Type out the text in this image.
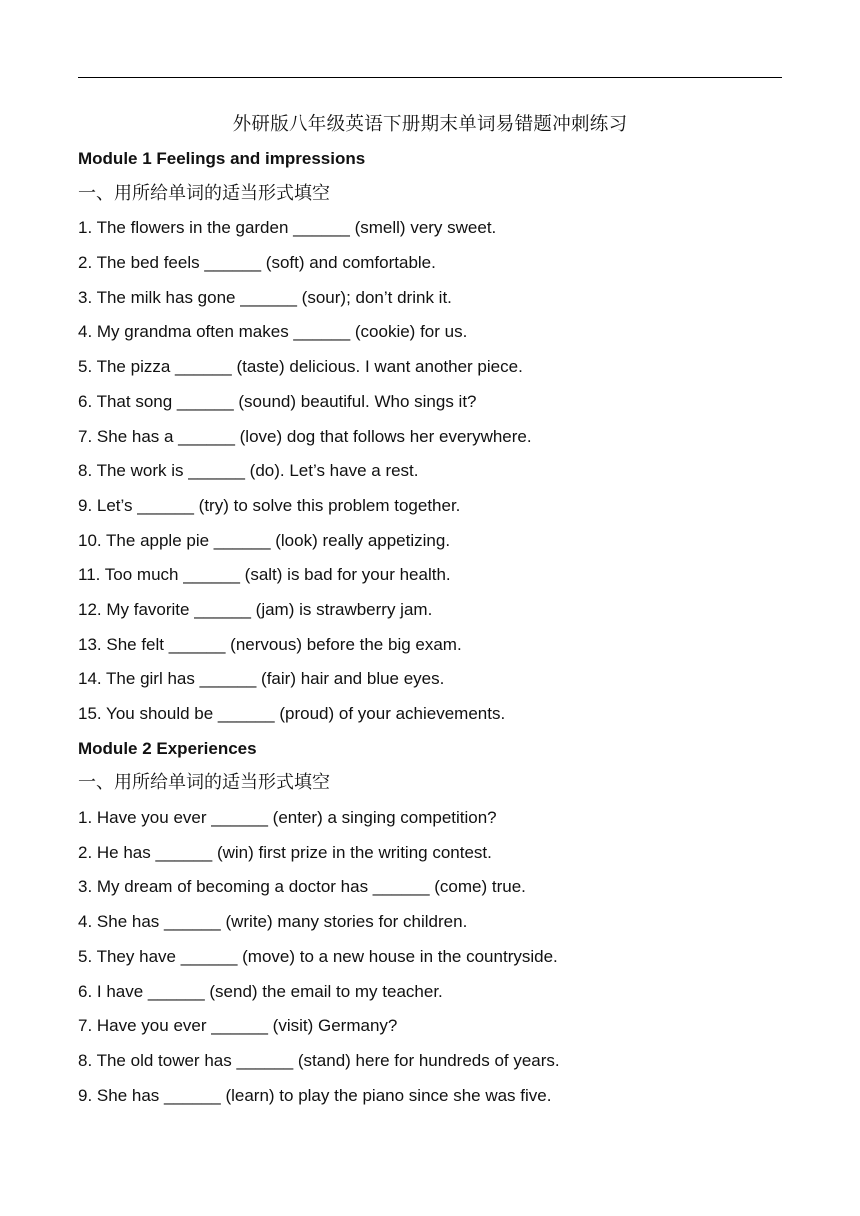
外研版八年级英语下册期末单词易错题冲刺练习
Module 1 Feelings and impressions
一、用所给单词的适当形式填空
1. The flowers in the garden ______ (smell) very sweet.
2. The bed feels ______ (soft) and comfortable.
3. The milk has gone ______ (sour); don’t drink it.
4. My grandma often makes ______ (cookie) for us.
5. The pizza ______ (taste) delicious. I want another piece.
6. That song ______ (sound) beautiful. Who sings it?
7. She has a ______ (love) dog that follows her everywhere.
8. The work is ______ (do). Let’s have a rest.
9. Let’s ______ (try) to solve this problem together.
10. The apple pie ______ (look) really appetizing.
11. Too much ______ (salt) is bad for your health.
12. My favorite ______ (jam) is strawberry jam.
13. She felt ______ (nervous) before the big exam.
14. The girl has ______ (fair) hair and blue eyes.
15. You should be ______ (proud) of your achievements.
Module 2 Experiences
一、用所给单词的适当形式填空
1. Have you ever ______ (enter) a singing competition?
2. He has ______ (win) first prize in the writing contest.
3. My dream of becoming a doctor has ______ (come) true.
4. She has ______ (write) many stories for children.
5. They have ______ (move) to a new house in the countryside.
6. I have ______ (send) the email to my teacher.
7. Have you ever ______ (visit) Germany?
8. The old tower has ______ (stand) here for hundreds of years.
9. She has ______ (learn) to play the piano since she was five.
